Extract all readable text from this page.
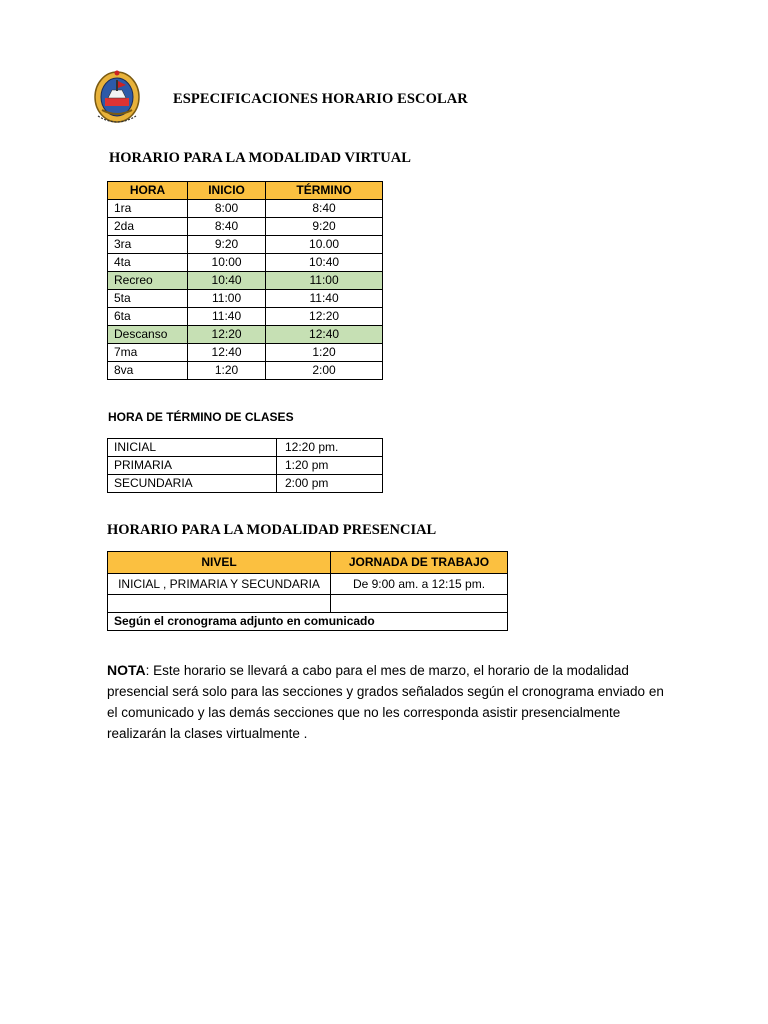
ESPECIFICACIONES HORARIO ESCOLAR
HORARIO PARA LA MODALIDAD VIRTUAL
HORA	INICIO	TÉRMINO
1ra	8:00	8:40
2da	8:40	9:20
3ra	9:20	10.00
4ta	10:00	10:40
Recreo	10:40	11:00
5ta	11:00	11:40
6ta	11:40	12:20
Descanso	12:20	12:40
7ma	12:40	1:20
8va	1:20	2:00
HORA DE TÉRMINO DE CLASES
INICIAL	12:20 pm.
PRIMARIA	1:20 pm
SECUNDARIA	2:00 pm
HORARIO PARA LA MODALIDAD PRESENCIAL
NIVEL	JORNADA DE TRABAJO
INICIAL , PRIMARIA Y SECUNDARIA	De 9:00 am. a 12:15 pm.

Según el cronograma adjunto en comunicado	
NOTA: Este horario se llevará a cabo para el mes de marzo, el horario de la modalidad presencial será solo para las secciones y grados señalados según el cronograma enviado en el comunicado y las demás secciones que no les corresponda asistir presencialmente realizarán la clases virtualmente .
